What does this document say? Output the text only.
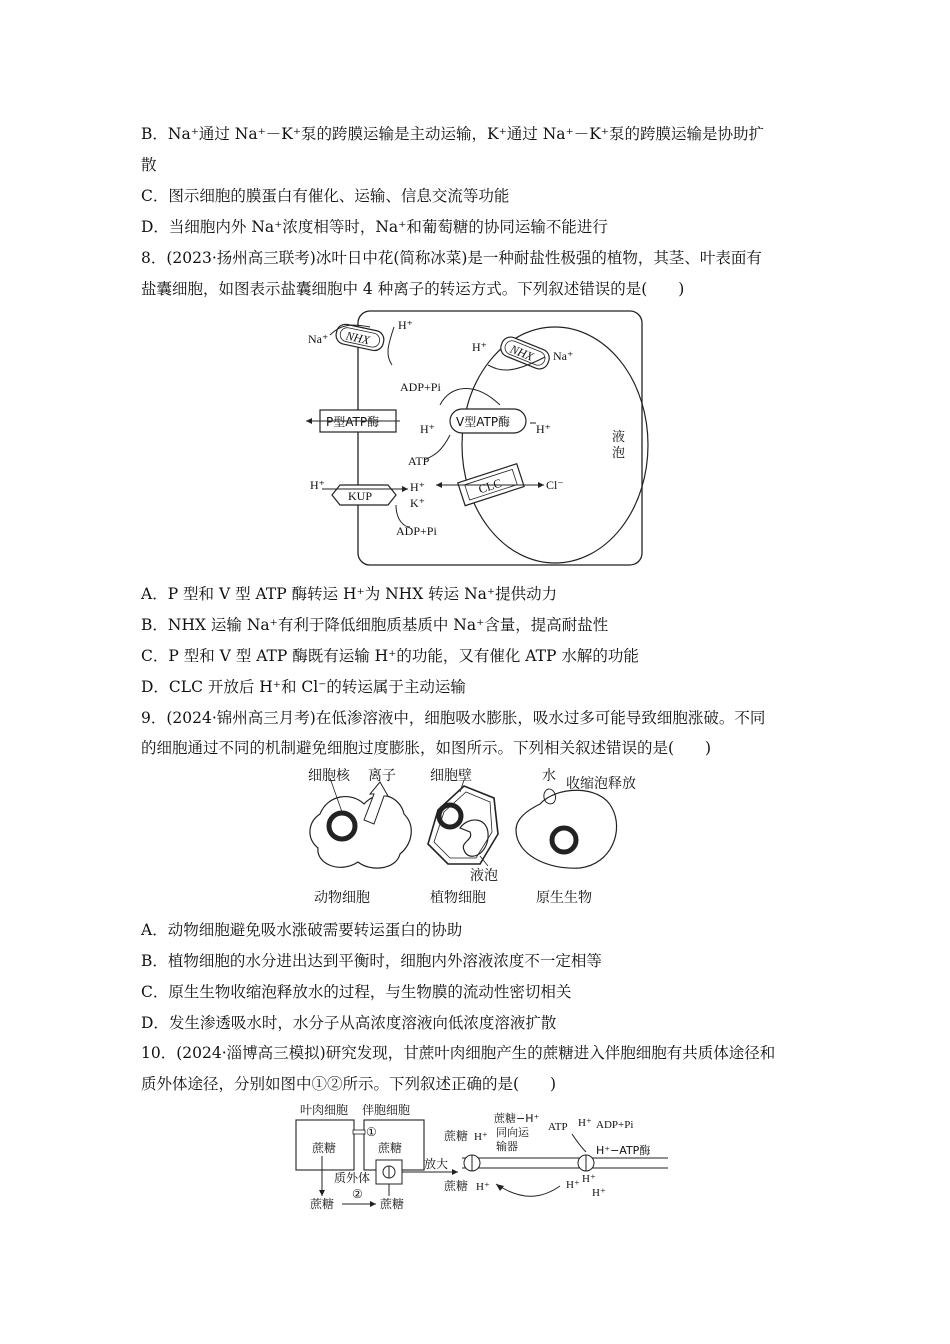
B．Na⁺通过 Na⁺－K⁺泵的跨膜运输是主动运输，K⁺通过 Na⁺－K⁺泵的跨膜运输是协助扩
散
C．图示细胞的膜蛋白有催化、运输、信息交流等功能
D．当细胞内外 Na⁺浓度相等时，Na⁺和葡萄糖的协同运输不能进行
8．(2023·扬州高三联考)冰叶日中花(简称冰菜)是一种耐盐性极强的植物，其茎、叶表面有
盐囊细胞，如图表示盐囊细胞中 4 种离子的转运方式。下列叙述错误的是(　　)
液
泡
NHX
Na⁺
H⁺
NHX
H⁺
Na⁺
P型ATP酶
ADP+Pi
H⁺ V型ATP酶 H⁺
ATP
KUP
H⁺	H⁺
K⁺
ADP+Pi
CLC	Cl⁻
A．P 型和 V 型 ATP 酶转运 H⁺为 NHX 转运 Na⁺提供动力
B．NHX 运输 Na⁺有利于降低细胞质基质中 Na⁺含量，提高耐盐性
C．P 型和 V 型 ATP 酶既有运输 H⁺的功能，又有催化 ATP 水解的功能
D．CLC 开放后 H⁺和 Cl⁻的转运属于主动运输
9．(2024·锦州高三月考)在低渗溶液中，细胞吸水膨胀，吸水过多可能导致细胞涨破。不同
的细胞通过不同的机制避免细胞过度膨胀，如图所示。下列相关叙述错误的是(　　)
细胞核 离子 细胞壁
液泡
水 收缩泡释放
动物细胞	植物细胞	原生生物
A．动物细胞避免吸水涨破需要转运蛋白的协助
B．植物细胞的水分进出达到平衡时，细胞内外溶液浓度不一定相等
C．原生生物收缩泡释放水的过程，与生物膜的流动性密切相关
D．发生渗透吸水时，水分子从高浓度溶液向低浓度溶液扩散
10．(2024·淄博高三模拟)研究发现，甘蔗叶肉细胞产生的蔗糖进入伴胞细胞有共质体途径和
质外体途径，分别如图中①②所示。下列叙述正确的是(　　)
叶肉细胞 伴胞细胞
①
蔗糖	蔗糖
质外体
蔗糖
②
蔗糖
放大
蔗糖 H⁺
蔗糖−H⁺
同向运
输器
ATP H⁺ ADP+Pi
H⁺−ATP酶
蔗糖 H⁺	H⁺ H⁺
H⁺
